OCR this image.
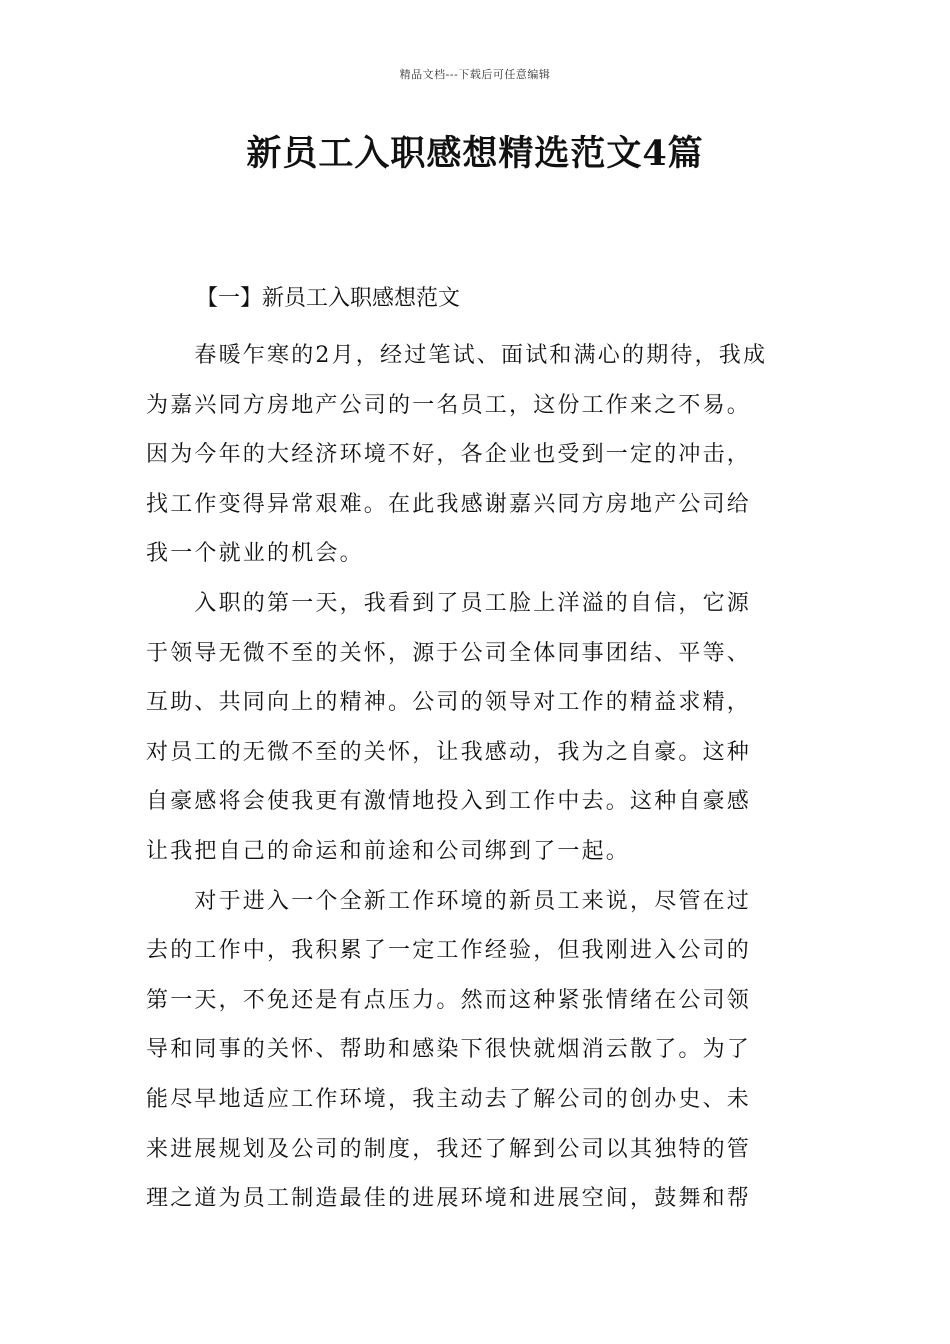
精品文档---下载后可任意编辑
新员工入职感想精选范文4篇
【一】新员工入职感想范文
　　春暖乍寒的2月，经过笔试、面试和满心的期待，我成
为嘉兴同方房地产公司的一名员工，这份工作来之不易。
因为今年的大经济环境不好，各企业也受到一定的冲击，
找工作变得异常艰难。在此我感谢嘉兴同方房地产公司给
我一个就业的机会。
　　入职的第一天，我看到了员工脸上洋溢的自信，它源
于领导无微不至的关怀，源于公司全体同事团结、平等、
互助、共同向上的精神。公司的领导对工作的精益求精，
对员工的无微不至的关怀，让我感动，我为之自豪。这种
自豪感将会使我更有激情地投入到工作中去。这种自豪感
让我把自己的命运和前途和公司绑到了一起。
　　对于进入一个全新工作环境的新员工来说，尽管在过
去的工作中，我积累了一定工作经验，但我刚进入公司的
第一天，不免还是有点压力。然而这种紧张情绪在公司领
导和同事的关怀、帮助和感染下很快就烟消云散了。为了
能尽早地适应工作环境，我主动去了解公司的创办史、未
来进展规划及公司的制度，我还了解到公司以其独特的管
理之道为员工制造最佳的进展环境和进展空间，鼓舞和帮
